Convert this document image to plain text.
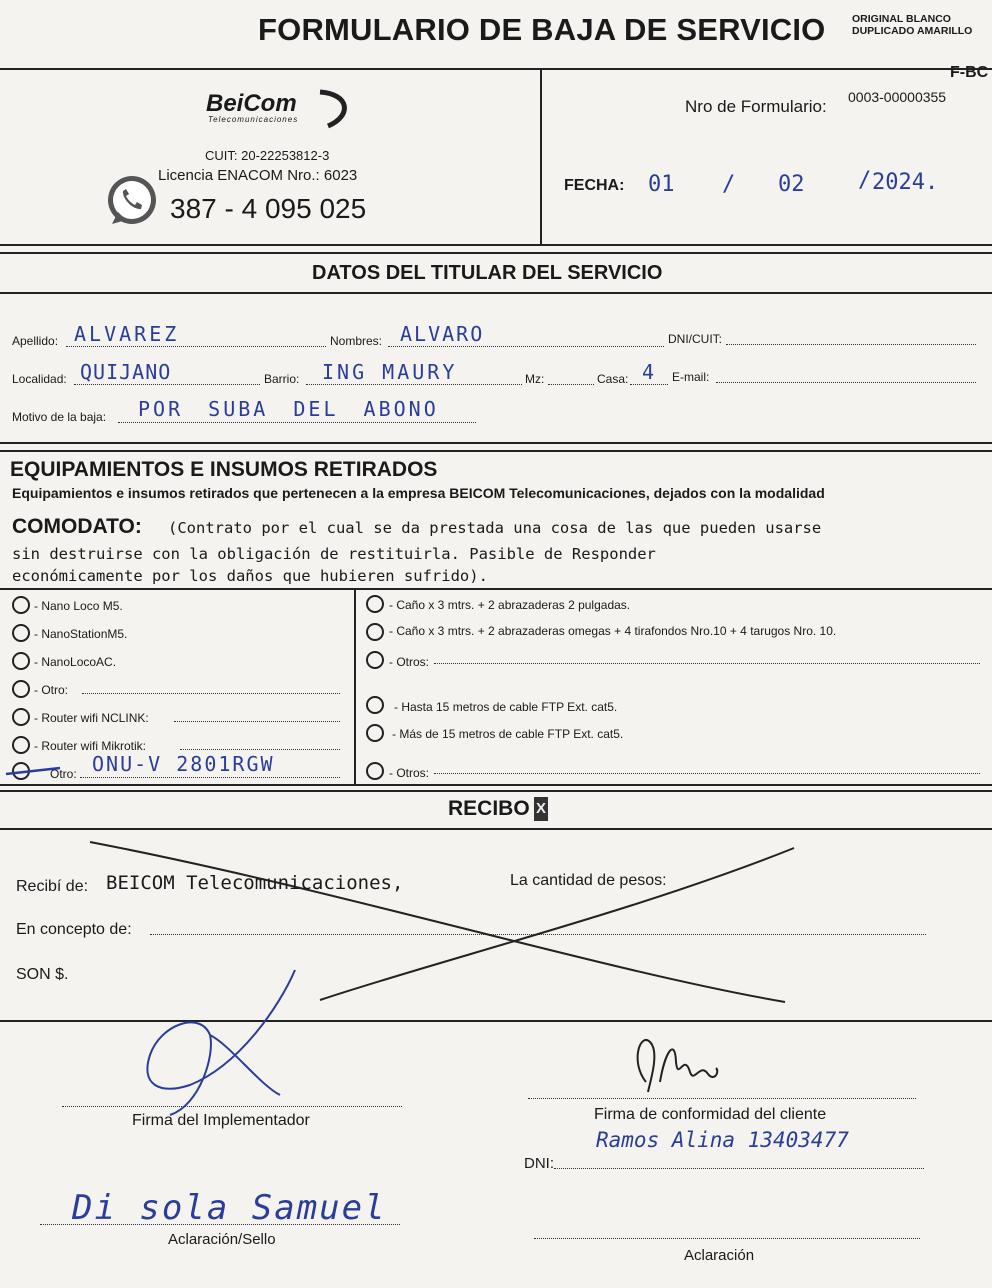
FORMULARIO DE BAJA DE SERVICIO	ORIGINAL BLANCO
DUPLICADO AMARILLO
F-BC
BeiCom
Telecomunicaciones
CUIT: 20-22253812-3
Licencia ENACOM Nro.: 6023
387 - 4 095 025
Nro de Formulario: 0003-00000355
FECHA: 01 / 02 / 2024.
DATOS DEL TITULAR DEL SERVICIO
Apellido: ALVAREZ	Nombres: ALVARO	DNI/CUIT:
Localidad: QUIJANO	Barrio: ING MAURY	Mz:	Casa: 4 E-mail:
Motivo de la baja: POR SUBA DEL ABONO
EQUIPAMIENTOS E INSUMOS RETIRADOS
Equipamientos e insumos retirados que pertenecen a la empresa BEICOM Telecomunicaciones, dejados con la modalidad
COMODATO: (Contrato por el cual se da prestada una cosa de las que pueden usarse
sin destruirse con la obligación de restituirla. Pasible de Responder
económicamente por los daños que hubieren sufrido).
- Nano Loco M5.
- NanoStationM5.
- NanoLocoAC.
- Otro:
- Router wifi NCLINK:
- Router wifi Mikrotik:
Otro: ONU-V 2801RGW
- Caño x 3 mtrs. + 2 abrazaderas 2 pulgadas.
- Caño x 3 mtrs. + 2 abrazaderas omegas + 4 tirafondos Nro.10 + 4 tarugos Nro. 10.
- Otros:
- Hasta 15 metros de cable FTP Ext. cat5.
- Más de 15 metros de cable FTP Ext. cat5.
- Otros:
RECIBO X
Recibí de: BEICOM Telecomunicaciones,	La cantidad de pesos:
En concepto de:
SON $.
Firma del Implementador	Firma de conformidad del cliente
DNI:
Ramos Alina 13403477
Di sola Samuel
Aclaración/Sello
Aclaración
